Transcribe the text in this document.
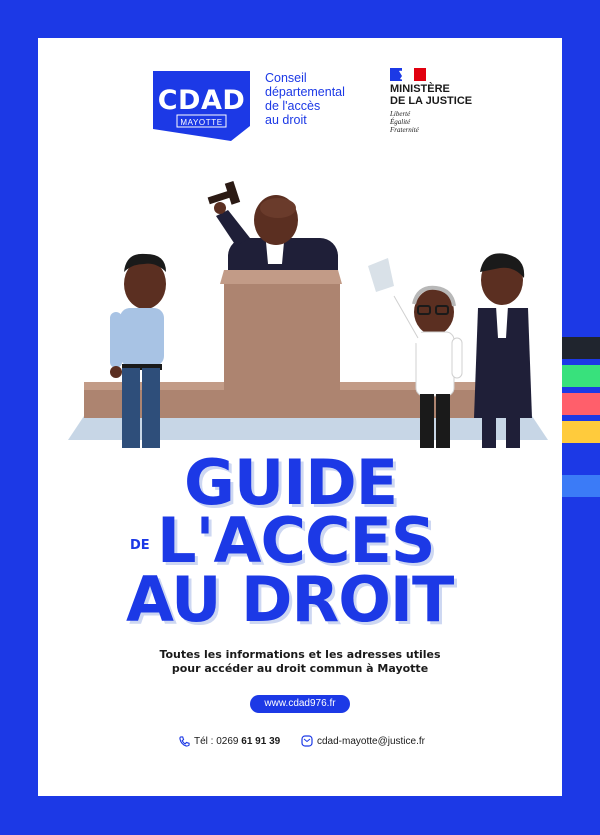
CDAD
MAYOTTE
Conseil
départemental
de l'accès
au droit
MINISTÈRE
DE LA JUSTICE
Liberté
Égalité
Fraternité
GUIDE
DE L'ACCES
AU DROIT
Toutes les informations et les adresses utiles
pour accéder au droit commun à Mayotte
www.cdad976.fr
Tél : 0269 61 91 39	cdad-mayotte@justice.fr
